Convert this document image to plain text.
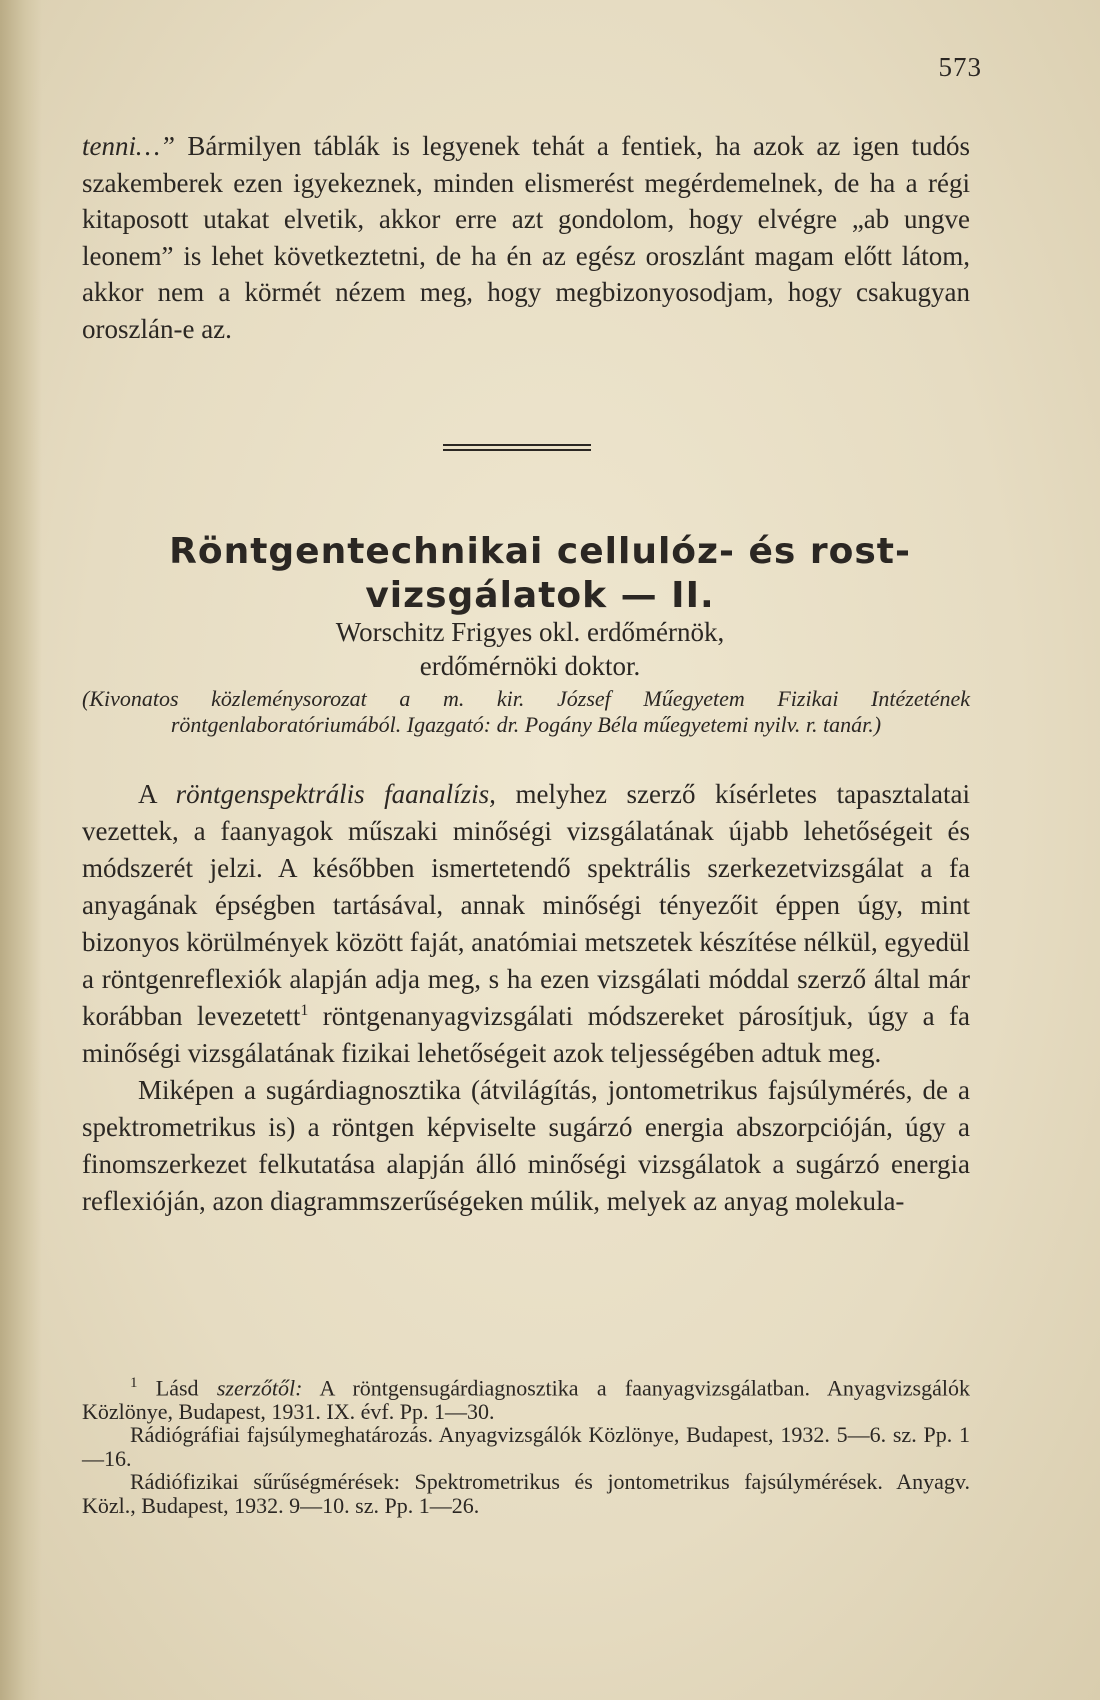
573
tenni…” Bármilyen táblák is legyenek tehát a fentiek, ha azok az igen tudós szakemberek ezen igyekeznek, minden elismerést megérdemelnek, de ha a régi kitaposott utakat elvetik, akkor erre azt gondolom, hogy elvégre „ab ungve leonem” is lehet következtetni, de ha én az egész oroszlánt magam előtt látom, akkor nem a körmét nézem meg, hogy megbizonyosodjam, hogy csakugyan oroszlán-e az.
Röntgentechnikai cellulóz- és rost-
vizsgálatok — II.
Worschitz Frigyes okl. erdőmérnök,
erdőmérnöki doktor.
(Kivonatos közleménysorozat a m. kir. József Műegyetem Fizikai Intézetének röntgenlaboratóriumából. Igazgató: dr. Pogány Béla műegyetemi nyilv. r. tanár.)

A röntgenspektrális faanalízis, melyhez szerző kísérletes tapasztalatai vezettek, a faanyagok műszaki minőségi vizsgálatának újabb lehetőségeit és módszerét jelzi. A későbben ismertetendő spektrális szerkezetvizsgálat a fa anyagának épségben tartásával, annak minőségi tényezőit éppen úgy, mint bizonyos körülmények között faját, anatómiai metszetek készítése nélkül, egyedül a röntgenreflexiók alapján adja meg, s ha ezen vizsgálati móddal szerző által már korábban levezetett$^1$ röntgenanyagvizsgálati módszereket párosítjuk, úgy a fa minőségi vizsgálatának fizikai lehetőségeit azok teljességében adtuk meg.

Miképen a sugárdiagnosztika (átvilágítás, jontometrikus fajsúlymérés, de a spektrometrikus is) a röntgen képviselte sugárzó energia abszorpcióján, úgy a finomszerkezet felkutatása alapján álló minőségi vizsgálatok a sugárzó energia reflexióján, azon diagrammszerűségeken múlik, melyek az anyag molekula-

$^1$ Lásd szerzőtől: A röntgensugárdiagnosztika a faanyagvizsgálatban. Anyagvizsgálók Közlönye, Budapest, 1931. IX. évf. Pp. 1—30.

Rádiógráfiai fajsúlymeghatározás. Anyagvizsgálók Közlönye, Budapest, 1932. 5—6. sz. Pp. 1—16.

Rádiófizikai sűrűségmérések: Spektrometrikus és jontometrikus fajsúlymérések. Anyagv. Közl., Budapest, 1932. 9—10. sz. Pp. 1—26.
